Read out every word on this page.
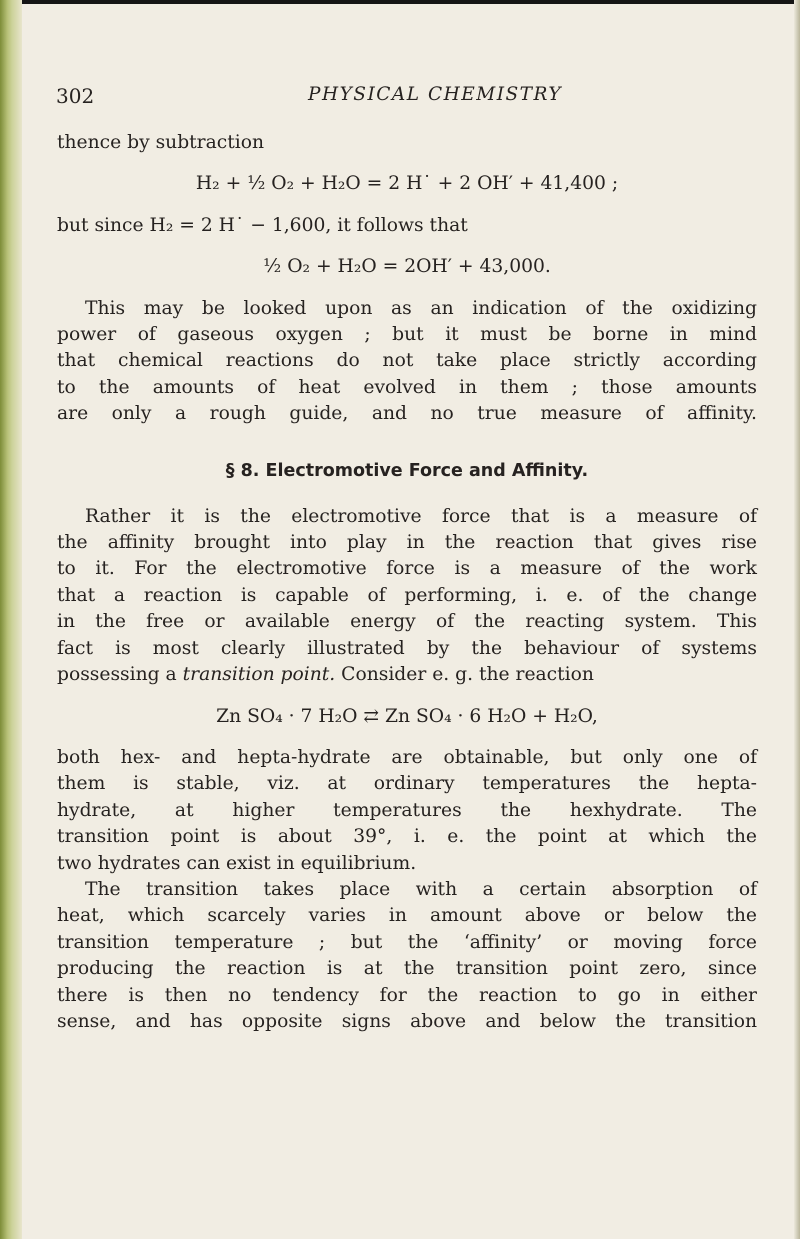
302	PHYSICAL CHEMISTRY

thence by subtraction

H₂ + ½ O₂ + H₂O = 2 H˙ + 2 OH′ + 41,400 ;

but since H₂ = 2 H˙ − 1,600, it follows that

½ O₂ + H₂O = 2OH′ + 43,000.

This may be looked upon as an indication of the oxidizing

power of gaseous oxygen ; but it must be borne in mind

that chemical reactions do not take place strictly according

to the amounts of heat evolved in them ; those amounts

are only a rough guide, and no true measure of affinity.

§ 8. Electromotive Force and Affinity.

Rather it is the electromotive force that is a measure of

the affinity brought into play in the reaction that gives rise

to it. For the electromotive force is a measure of the work

that a reaction is capable of performing, i. e. of the change

in the free or available energy of the reacting system. This

fact is most clearly illustrated by the behaviour of systems

possessing a transition point. Consider e. g. the reaction

Zn SO₄ · 7 H₂O ⇄ Zn SO₄ · 6 H₂O + H₂O,

both hex- and hepta-hydrate are obtainable, but only one of

them is stable, viz. at ordinary temperatures the hepta-

hydrate, at higher temperatures the hexhydrate. The

transition point is about 39°, i. e. the point at which the

two hydrates can exist in equilibrium.

The transition takes place with a certain absorption of

heat, which scarcely varies in amount above or below the

transition temperature ; but the ‘affinity’ or moving force

producing the reaction is at the transition point zero, since

there is then no tendency for the reaction to go in either

sense, and has opposite signs above and below the transition
